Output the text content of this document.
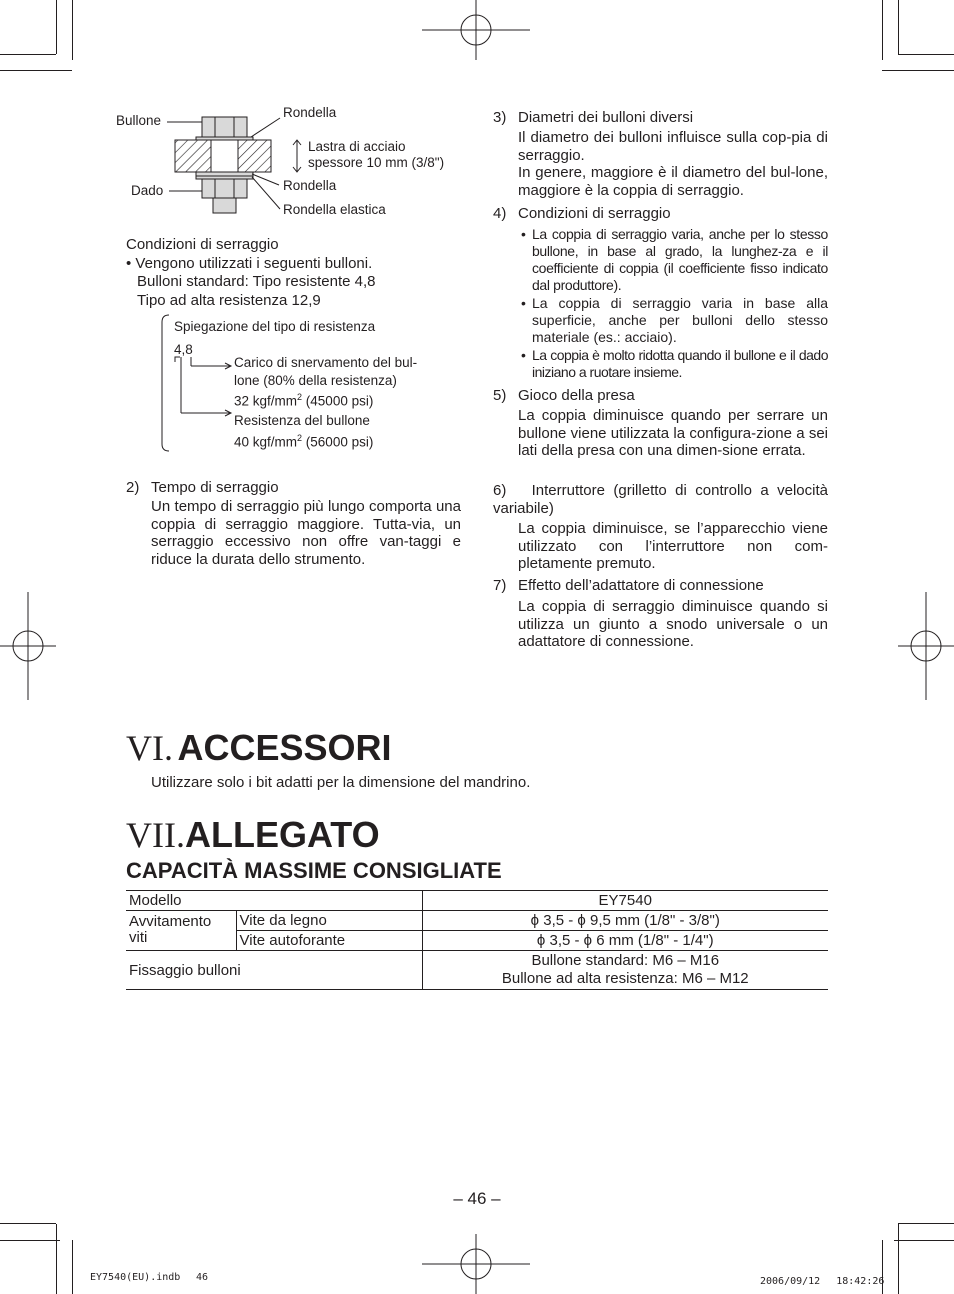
Bullone
Rondella
Lastra di acciaio
spessore 10 mm (3/8")
Dado	Rondella
Rondella elastica
Condizioni di serraggio
• Vengono utilizzati i seguenti bulloni.
Bulloni standard: Tipo resistente 4,8
Tipo ad alta resistenza 12,9
Spiegazione del tipo di resistenza
4,8
Carico di snervamento del bul-
lone (80% della resistenza)
32 kgf/$mm^2$ (45000 psi)
Resistenza del bullone
40 kgf/$mm^2$ (56000 psi)
2) Tempo di serraggio
Un tempo di serraggio più lungo comporta una coppia di serraggio maggiore. Tutta-via, un serraggio eccessivo non offre van-taggi e riduce la durata dello strumento.
3) Diametri dei bulloni diversi
Il diametro dei bulloni influisce sulla cop-pia di serraggio.
In genere, maggiore è il diametro del bul-lone, maggiore è la coppia di serraggio.
4) Condizioni di serraggio
• La coppia di serraggio varia, anche per lo stesso bullone, in base al grado, la lunghez-za e il coefficiente di coppia (il coefficiente fisso indicato dal produttore).
• La coppia di serraggio varia in base alla superficie, anche per bulloni dello stesso materiale (es.: acciaio).
• La coppia è molto ridotta quando il bullone e il dado iniziano a ruotare insieme.
5) Gioco della presa
La coppia diminuisce quando per serrare un bullone viene utilizzata la configura-zione a sei lati della presa con una dimen-sione errata.
6) Interruttore (grilletto di controllo a velocità variabile)
La coppia diminuisce, se l’apparecchio viene utilizzato con l’interruttore non com-pletamente premuto.
7) Effetto dell’adattatore di connessione
La coppia di serraggio diminuisce quando si utilizza un giunto a snodo universale o un adattatore di connessione.
VI. ACCESSORI
Utilizzare solo i bit adatti per la dimensione del mandrino.
VII.ALLEGATO
CAPACITÀ MASSIME CONSIGLIATE
Modello		EY7540
Avvitamento viti	Vite da legno	ϕ 3,5 - ϕ 9,5 mm (1/8" - 3/8")
	Vite autoforante	ϕ 3,5 - ϕ 6 mm (1/8" - 1/4")
Fissaggio bulloni		Bullone standard: M6 – M16
Bullone ad alta resistenza: M6 – M12
– 46 –
EY7540(EU).indb 46	2006/09/12　 18:42:26
